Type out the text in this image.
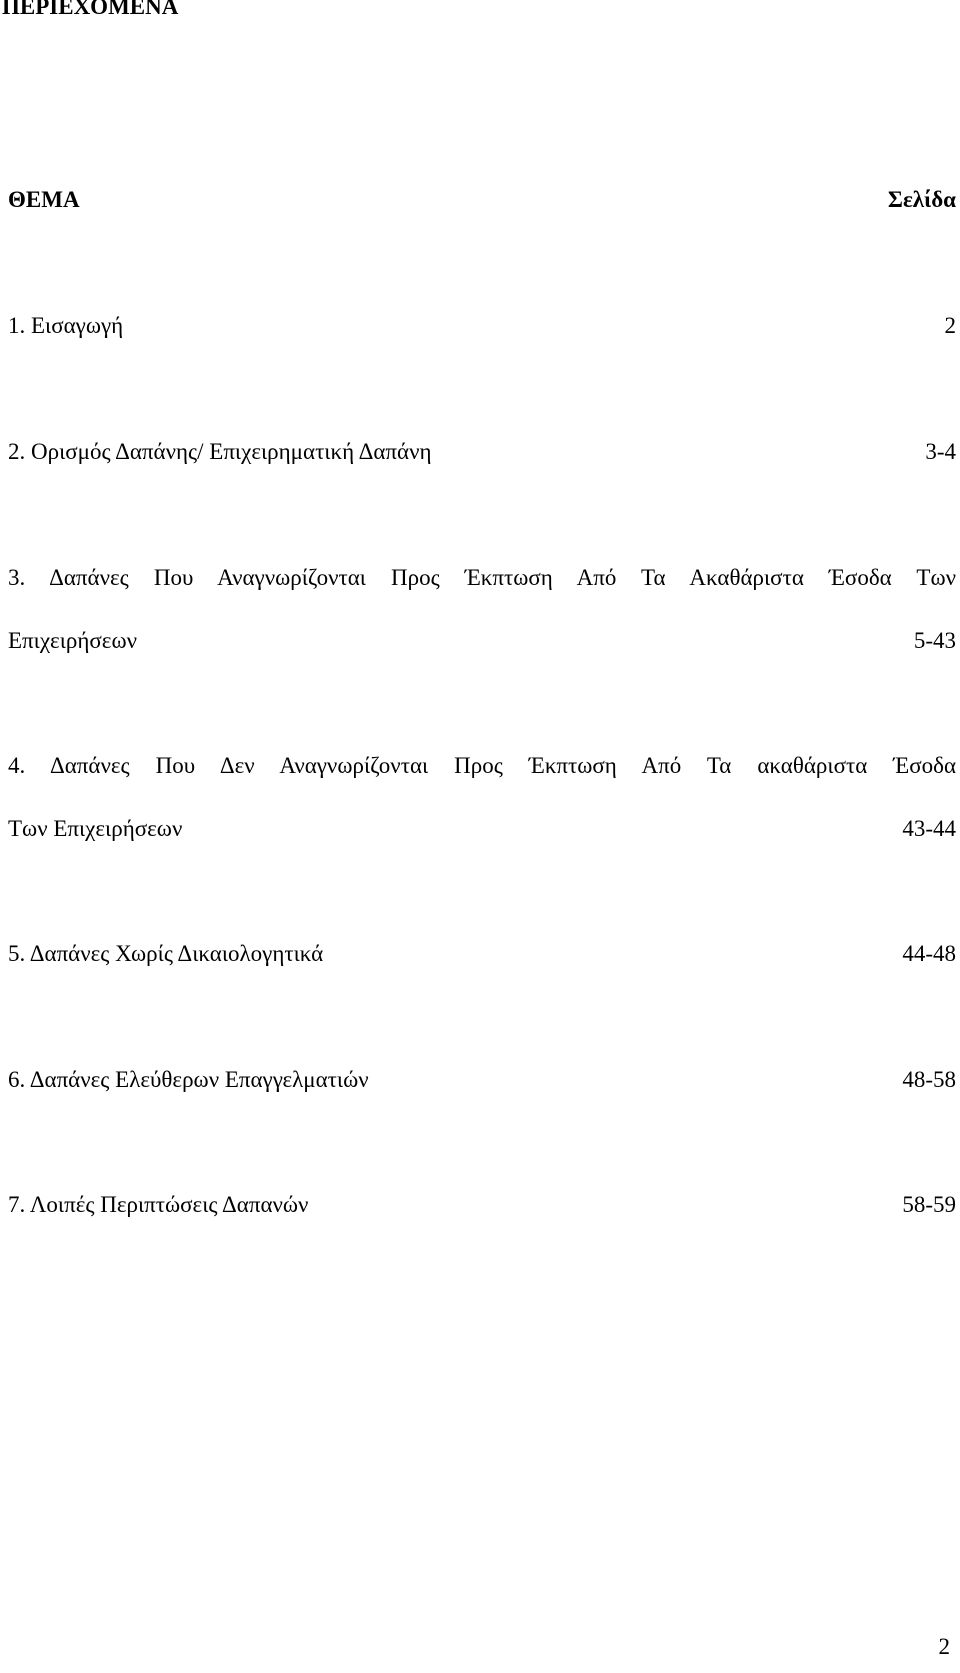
ΠΕΡΙΕΧΟΜΕΝΑ
ΘΕΜΑ	Σελίδα
1. Εισαγωγή	2
2. Ορισμός Δαπάνης/ Επιχειρηματική Δαπάνη	3-4
3. Δαπάνες Που Αναγνωρίζονται Προς Έκπτωση Από Τα Ακαθάριστα Έσοδα Των
Επιχειρήσεων	5-43
4. Δαπάνες Που Δεν Αναγνωρίζονται Προς Έκπτωση Από Τα ακαθάριστα Έσοδα
Των Επιχειρήσεων	43-44
5. Δαπάνες Χωρίς Δικαιολογητικά	44-48
6. Δαπάνες Ελεύθερων Επαγγελματιών	48-58
7. Λοιπές Περιπτώσεις Δαπανών	58-59
2
